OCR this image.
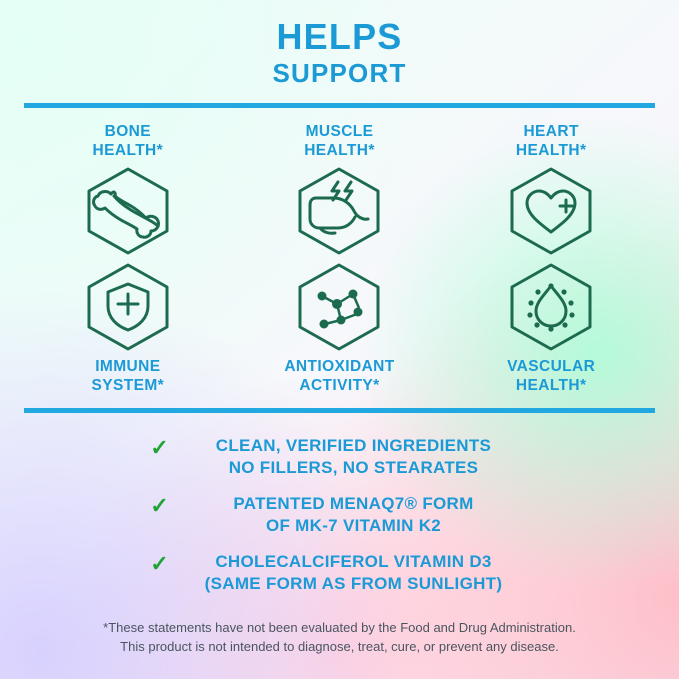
HELPS
SUPPORT
BONE
HEALTH*
MUSCLE
HEALTH*
HEART
HEALTH*
IMMUNE
SYSTEM*
ANTIOXIDANT
ACTIVITY*
VASCULAR
HEALTH*
✓	CLEAN, VERIFIED INGREDIENTS
NO FILLERS, NO STEARATES
✓	PATENTED MENAQ7® FORM
OF MK-7 VITAMIN K2
✓	CHOLECALCIFEROL VITAMIN D3
(SAME FORM AS FROM SUNLIGHT)
*These statements have not been evaluated by the Food and Drug Administration.
This product is not intended to diagnose, treat, cure, or prevent any disease.
